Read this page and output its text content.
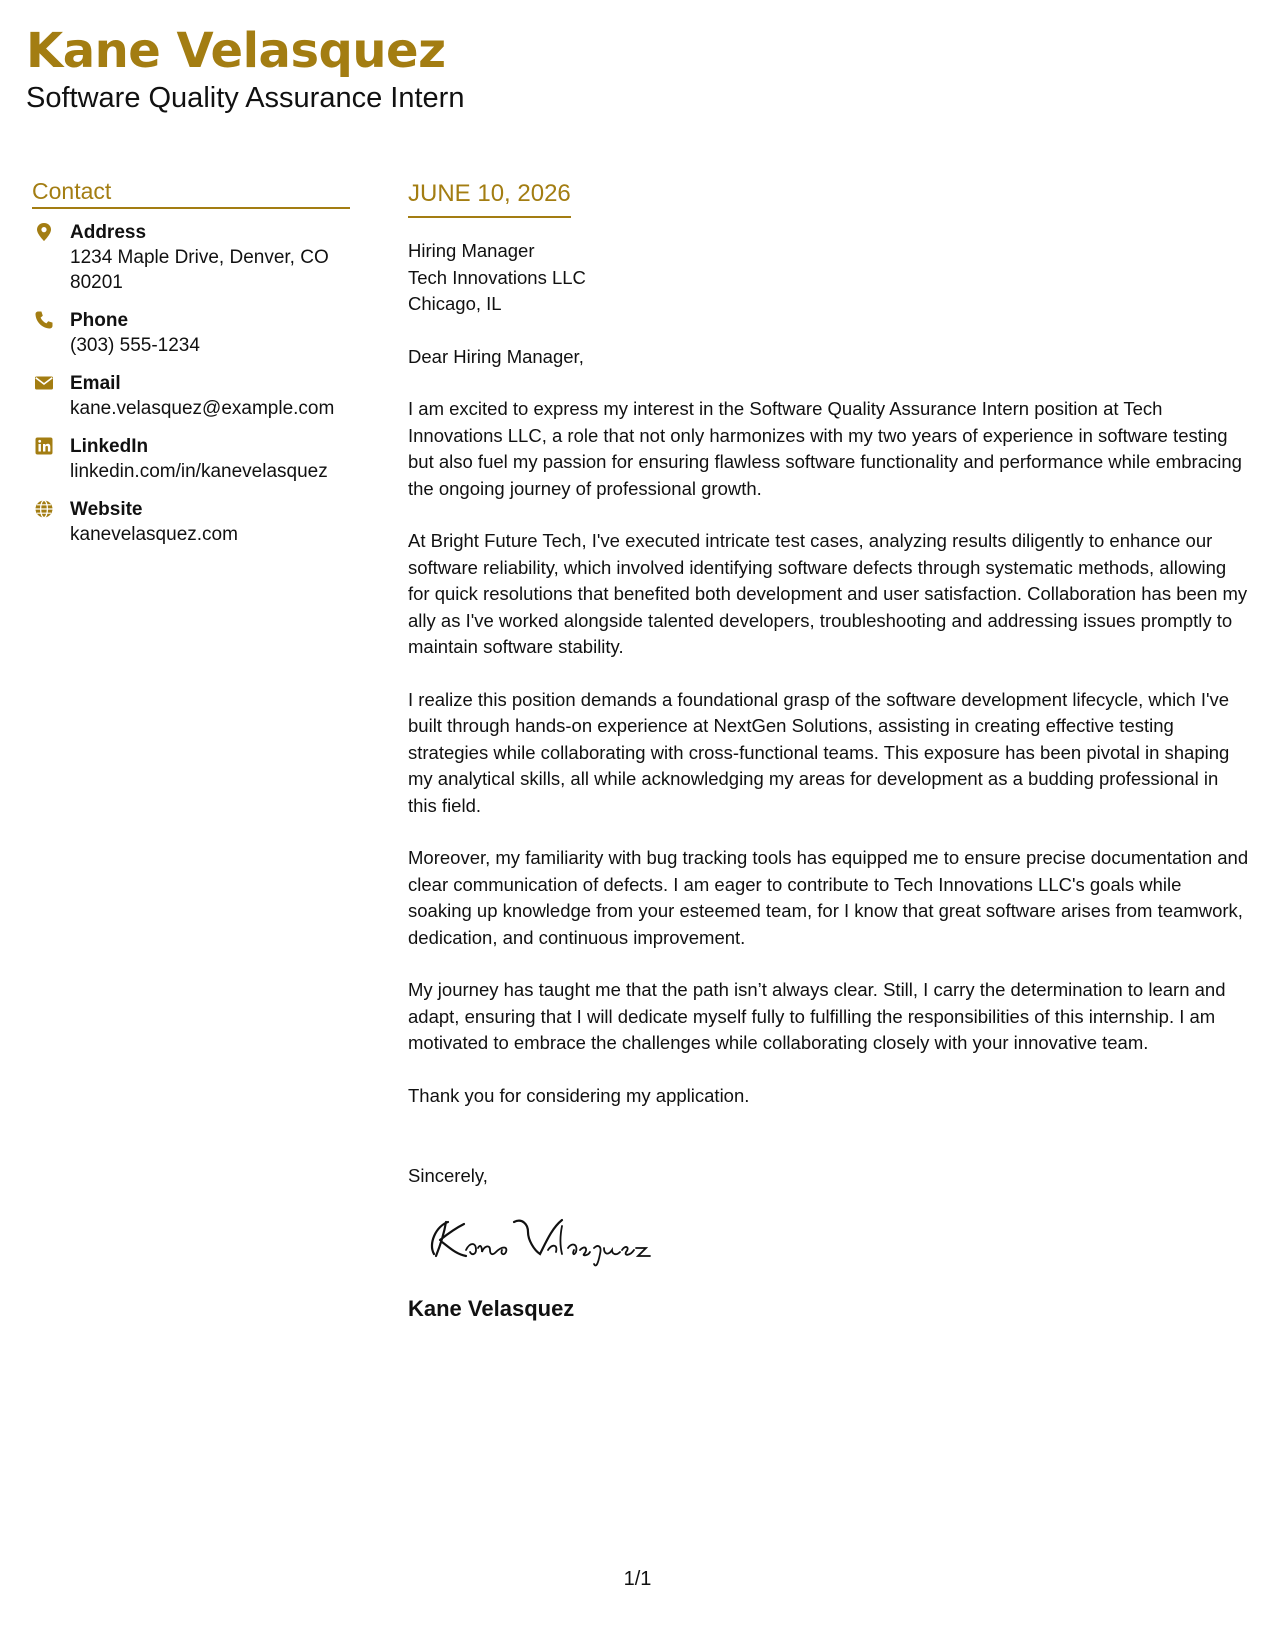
Kane Velasquez
Software Quality Assurance Intern
Contact
Address
1234 Maple Drive, Denver, CO 80201
Phone
(303) 555-1234
Email
kane.velasquez@example.com
LinkedIn
linkedin.com/in/kanevelasquez
Website
kanevelasquez.com
JUNE 10, 2026
Hiring Manager
Tech Innovations LLC
Chicago, IL
Dear Hiring Manager,
I am excited to express my interest in the Software Quality Assurance Intern position at Tech Innovations LLC, a role that not only harmonizes with my two years of experience in software testing but also fuel my passion for ensuring flawless software functionality and performance while embracing the ongoing journey of professional growth.
At Bright Future Tech, I've executed intricate test cases, analyzing results diligently to enhance our software reliability, which involved identifying software defects through systematic methods, allowing for quick resolutions that benefited both development and user satisfaction. Collaboration has been my ally as I've worked alongside talented developers, troubleshooting and addressing issues promptly to maintain software stability.
I realize this position demands a foundational grasp of the software development lifecycle, which I've built through hands-on experience at NextGen Solutions, assisting in creating effective testing strategies while collaborating with cross-functional teams. This exposure has been pivotal in shaping my analytical skills, all while acknowledging my areas for development as a budding professional in this field.
Moreover, my familiarity with bug tracking tools has equipped me to ensure precise documentation and clear communication of defects. I am eager to contribute to Tech Innovations LLC's goals while soaking up knowledge from your esteemed team, for I know that great software arises from teamwork, dedication, and continuous improvement.
My journey has taught me that the path isn’t always clear. Still, I carry the determination to learn and adapt, ensuring that I will dedicate myself fully to fulfilling the responsibilities of this internship. I am motivated to embrace the challenges while collaborating closely with your innovative team.
Thank you for considering my application.
Sincerely,
Kane Velasquez
1/1
